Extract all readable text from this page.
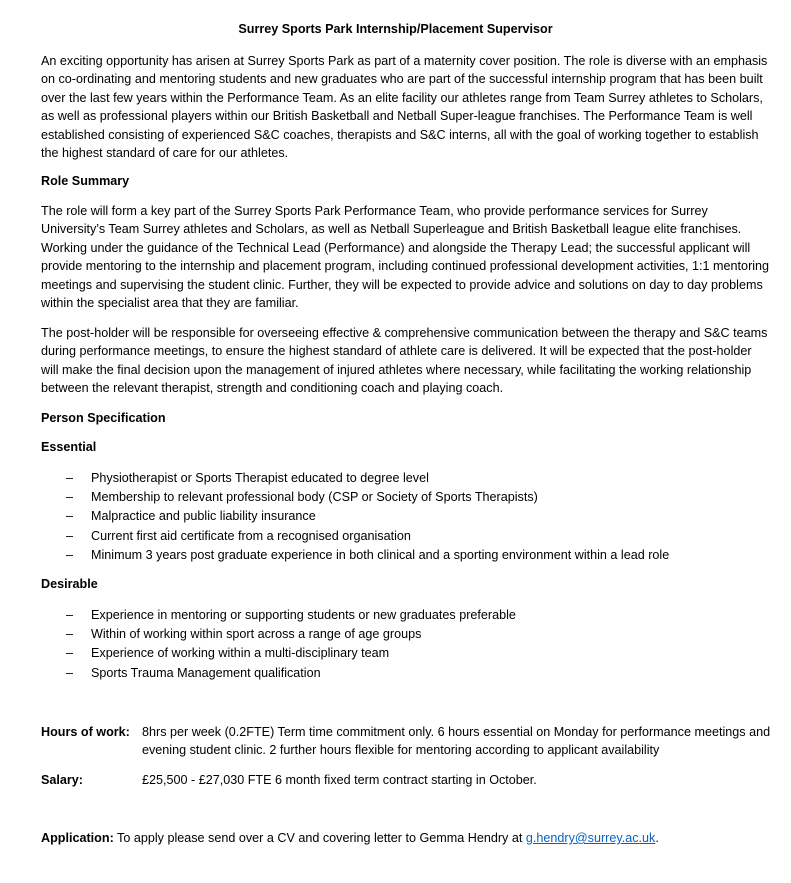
Surrey Sports Park Internship/Placement Supervisor

An exciting opportunity has arisen at Surrey Sports Park as part of a maternity cover position. The role is diverse with an emphasis on co-ordinating and mentoring students and new graduates who are part of the successful internship program that has been built over the last few years within the Performance Team. As an elite facility our athletes range from Team Surrey athletes to Scholars, as well as professional players within our British Basketball and Netball Super-league franchises. The Performance Team is well established consisting of experienced S&C coaches, therapists and S&C interns, all with the goal of working together to establish the highest standard of care for our athletes.

Role Summary

The role will form a key part of the Surrey Sports Park Performance Team, who provide performance services for Surrey University’s Team Surrey athletes and Scholars, as well as Netball Superleague and British Basketball league elite franchises. Working under the guidance of the Technical Lead (Performance) and alongside the Therapy Lead; the successful applicant will provide mentoring to the internship and placement program, including continued professional development activities, 1:1 mentoring meetings and supervising the student clinic. Further, they will be expected to provide advice and solutions on day to day problems within the specialist area that they are familiar.

The post-holder will be responsible for overseeing effective & comprehensive communication between the therapy and S&C teams during performance meetings, to ensure the highest standard of athlete care is delivered. It will be expected that the post-holder will make the final decision upon the management of injured athletes where necessary, while facilitating the working relationship between the relevant therapist, strength and conditioning coach and playing coach.

Person Specification
Essential
– Physiotherapist or Sports Therapist educated to degree level
– Membership to relevant professional body (CSP or Society of Sports Therapists)
– Malpractice and public liability insurance
– Current first aid certificate from a recognised organisation
– Minimum 3 years post graduate experience in both clinical and a sporting environment within a lead role
Desirable
– Experience in mentoring or supporting students or new graduates preferable
– Within of working within sport across a range of age groups
– Experience of working within a multi-disciplinary team
– Sports Trauma Management qualification
Hours of work: 8hrs per week (0.2FTE) Term time commitment only. 6 hours essential on Monday for performance meetings and evening student clinic. 2 further hours flexible for mentoring according to applicant availability
Salary:	£25,500 - £27,030 FTE 6 month fixed term contract starting in October.
Application: To apply please send over a CV and covering letter to Gemma Hendry at g.hendry@surrey.ac.uk.
